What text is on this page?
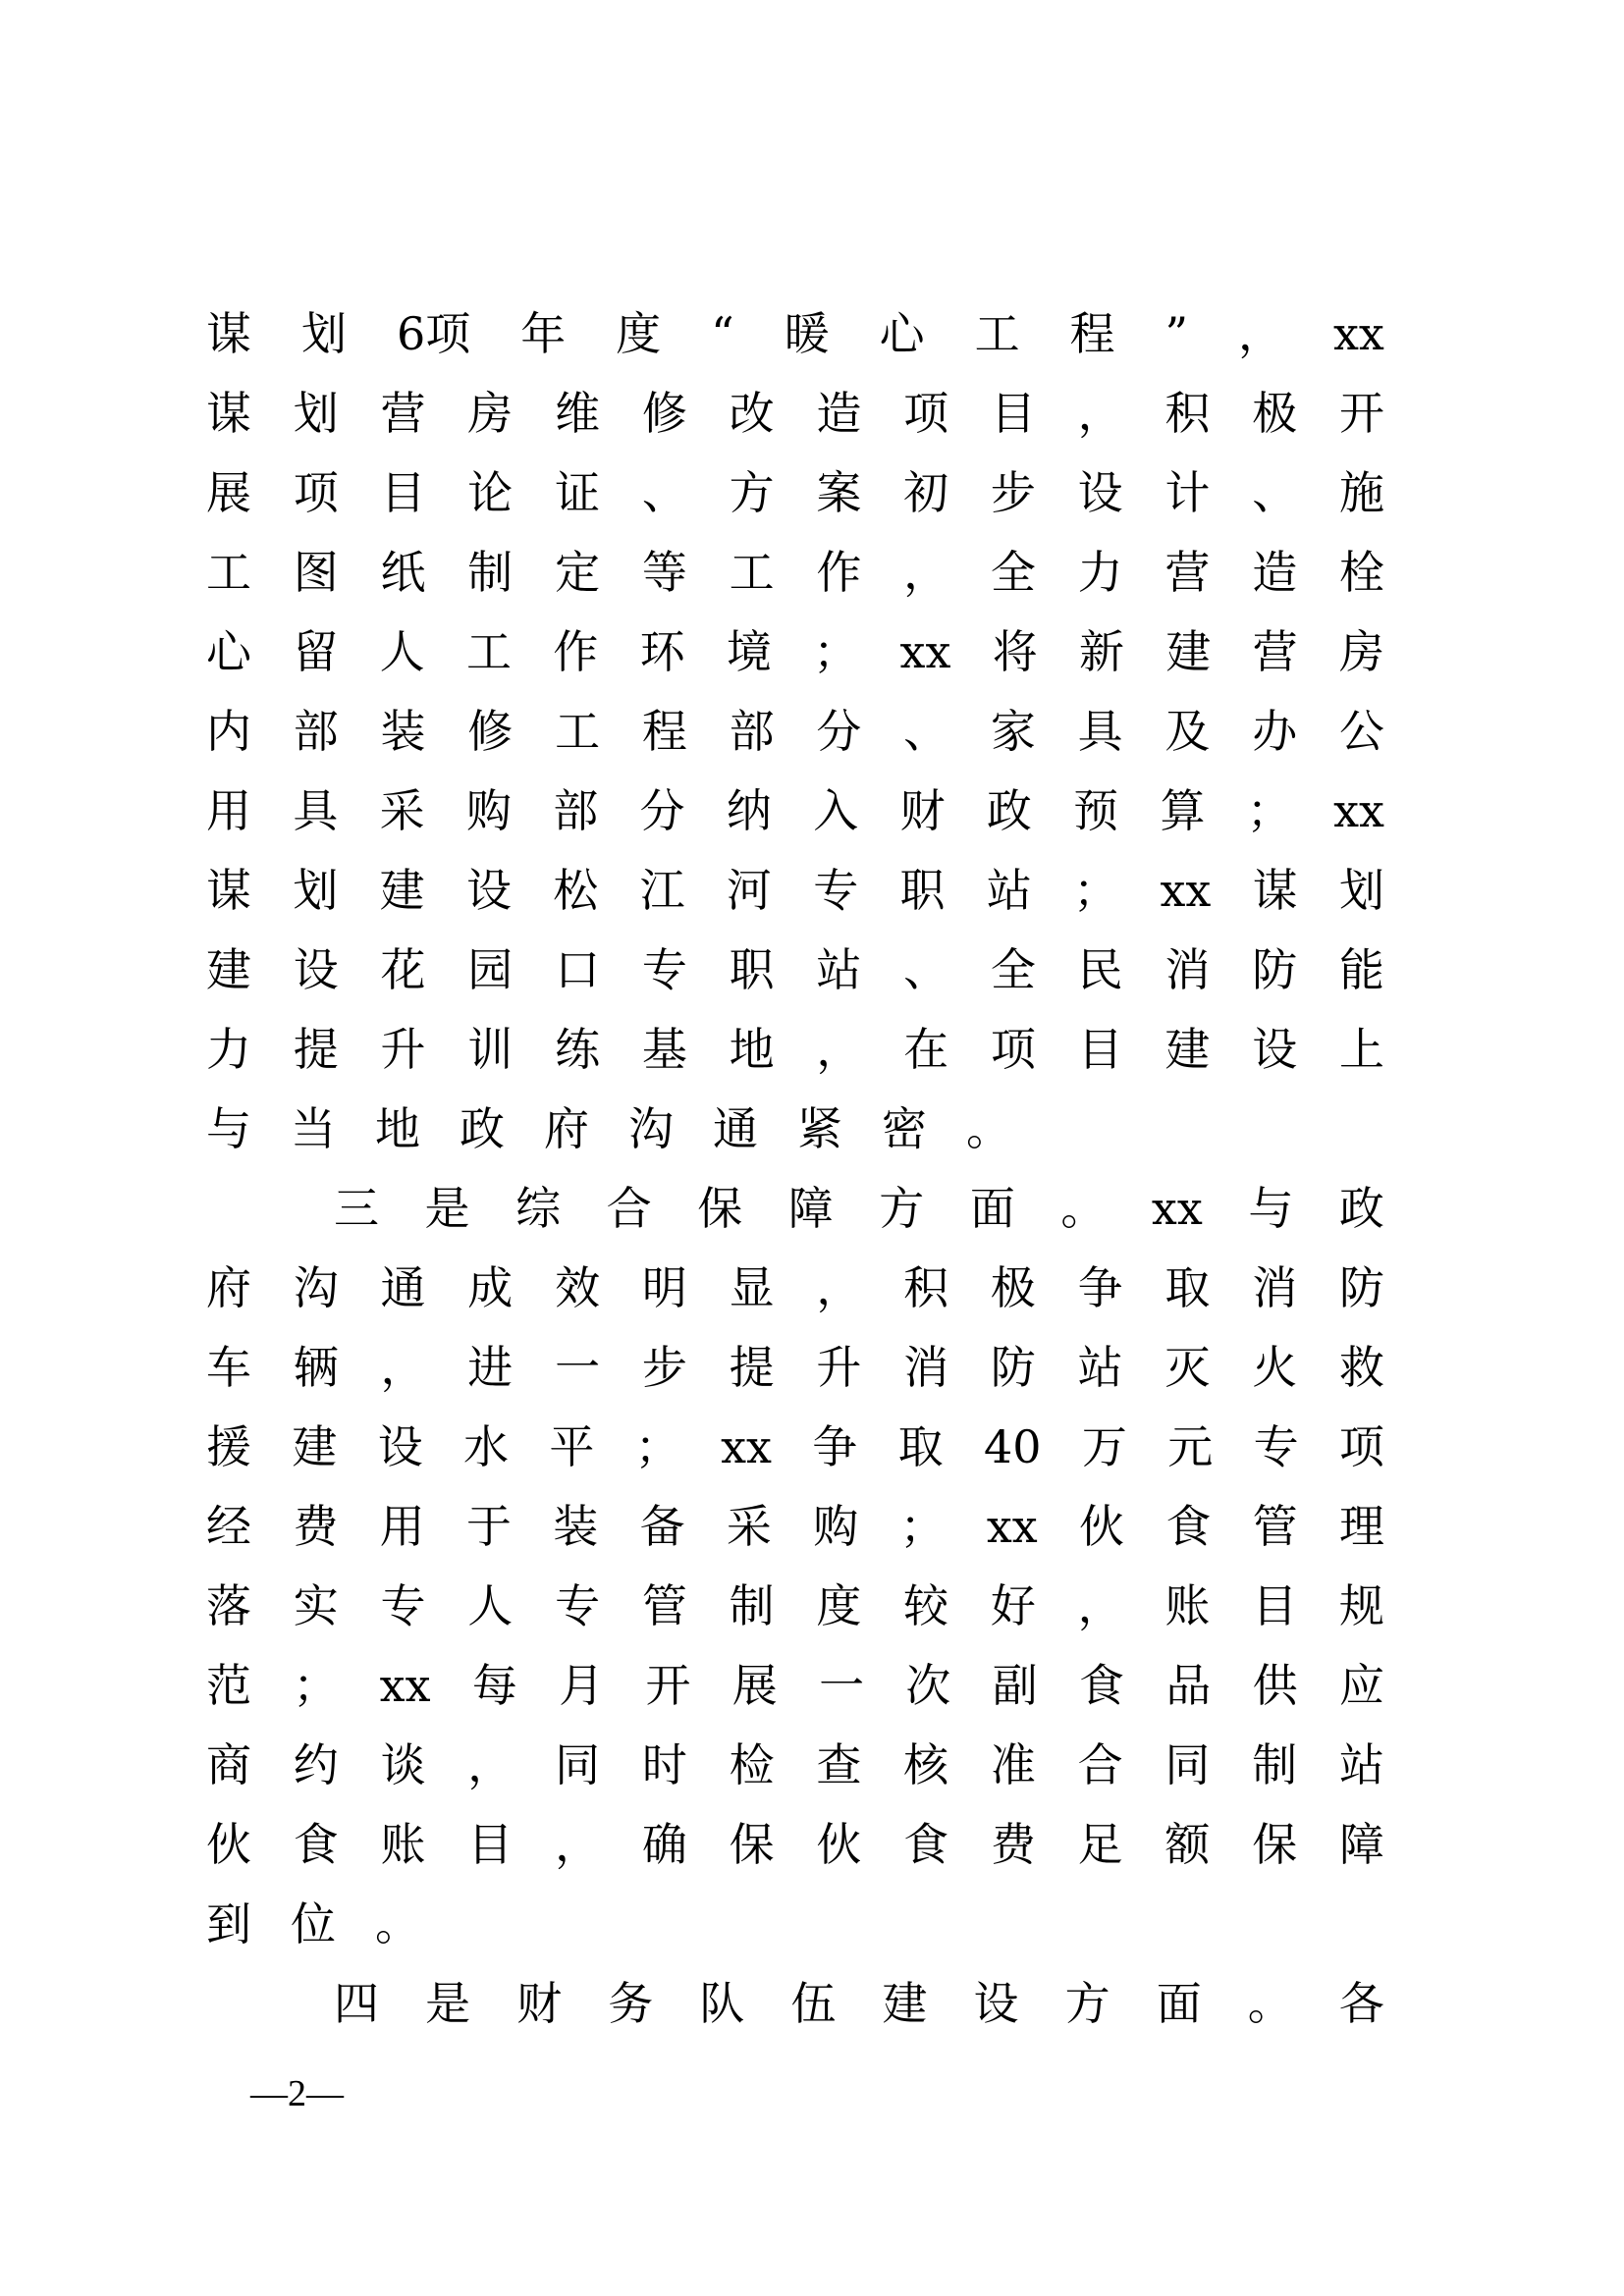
谋 划 6项 年 度 “ 暖 心 工 程 ” ， xx
谋 划 营 房 维 修 改 造 项 目 ， 积 极 开
展 项 目 论 证 、 方 案 初 步 设 计 、 施
工 图 纸 制 定 等 工 作 ， 全 力 营 造 栓
心 留 人 工 作 环 境 ； xx 将 新 建 营 房
内 部 装 修 工 程 部 分 、 家 具 及 办 公
用 具 采 购 部 分 纳 入 财 政 预 算 ； xx
谋 划 建 设 松 江 河 专 职 站 ； xx 谋 划
建 设 花 园 口 专 职 站 、 全 民 消 防 能
力 提 升 训 练 基 地 ， 在 项 目 建 设 上
与 当 地 政 府 沟 通 紧 密 。
三 是 综 合 保 障 方 面 。 xx 与 政
府 沟 通 成 效 明 显 ， 积 极 争 取 消 防
车 辆 ， 进 一 步 提 升 消 防 站 灭 火 救
援 建 设 水 平 ； xx 争 取 40 万 元 专 项
经 费 用 于 装 备 采 购 ； xx 伙 食 管 理
落 实 专 人 专 管 制 度 较 好 ， 账 目 规
范 ； xx 每 月 开 展 一 次 副 食 品 供 应
商 约 谈 ， 同 时 检 查 核 准 合 同 制 站
伙 食 账 目 ， 确 保 伙 食 费 足 额 保 障
到 位 。
四 是 财 务 队 伍 建 设 方 面 。 各
—2—
